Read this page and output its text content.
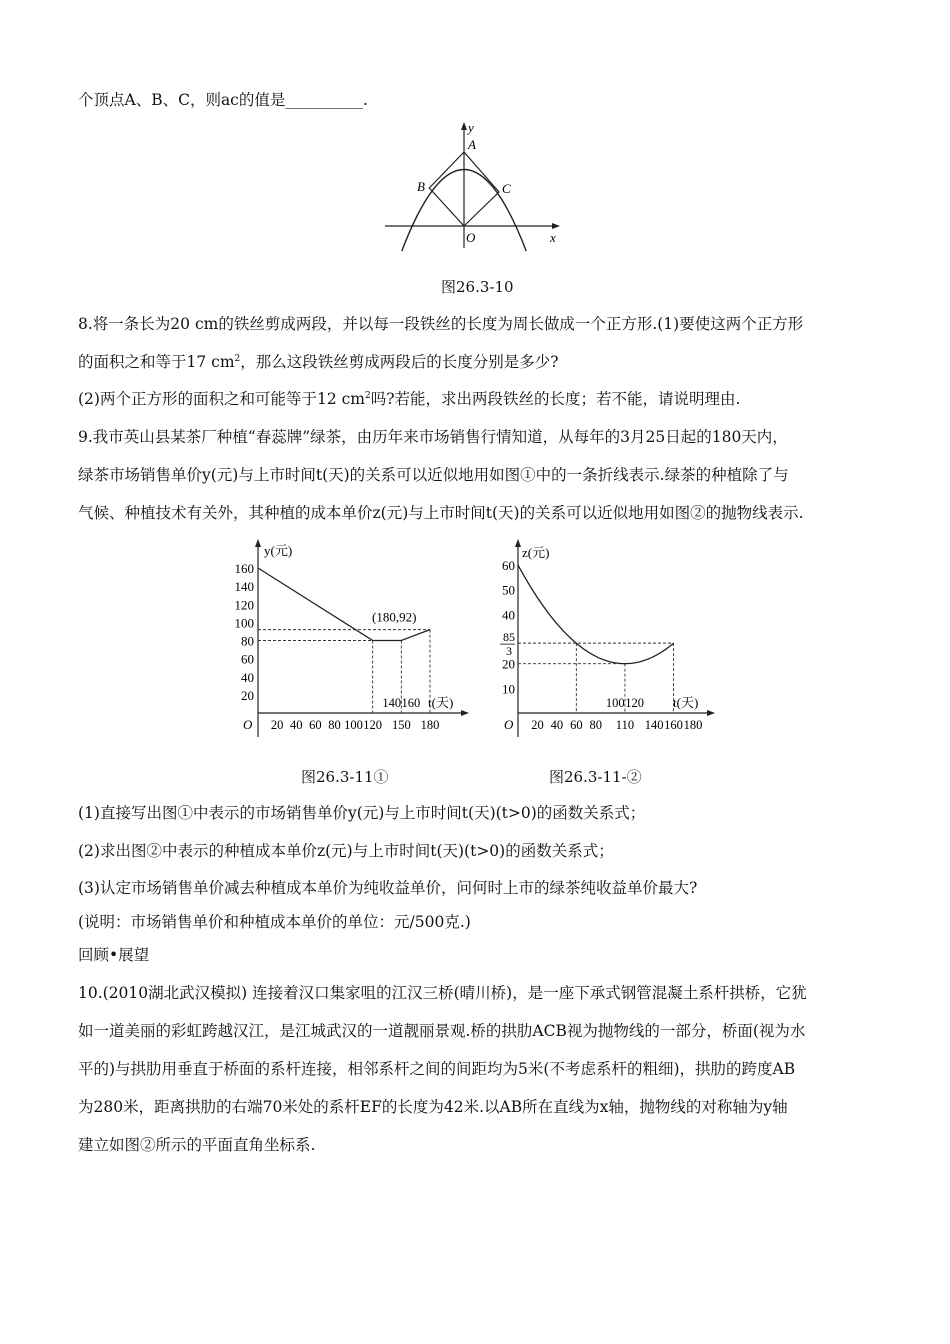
个顶点A、B、C，则ac的值是__________.
y
x
A
B	C
O
图26.3-10
8.将一条长为20 cm的铁丝剪成两段，并以每一段铁丝的长度为周长做成一个正方形.(1)要使这两个正方形
的面积之和等于17 $cm^2$，那么这段铁丝剪成两段后的长度分别是多少?
(2)两个正方形的面积之和可能等于12 $cm^2$吗?若能，求出两段铁丝的长度；若不能，请说明理由.
9.我市英山县某茶厂种植“春蕊牌”绿茶，由历年来市场销售行情知道，从每年的3月25日起的180天内，
绿茶市场销售单价y(元)与上市时间t(天)的关系可以近似地用如图①中的一条折线表示.绿茶的种植除了与
气候、种植技术有关外，其种植的成本单价z(元)与上市时间t(天)的关系可以近似地用如图②的抛物线表示.
y(元)
t(天)
O
160
140
120
100
80
60
40
20
20 40 60 80 100 120 150 180
140 160
(180,92)
图26.3-11①
z(元)
t(天)
O
60
50
40
20
10
85
3
20 40 60 80 110 140 160 180
100 120
图26.3-11-②
(1)直接写出图①中表示的市场销售单价y(元)与上市时间t(天)(t>0)的函数关系式；
(2)求出图②中表示的种植成本单价z(元)与上市时间t(天)(t>0)的函数关系式；
(3)认定市场销售单价减去种植成本单价为纯收益单价，问何时上市的绿茶纯收益单价最大?
(说明：市场销售单价和种植成本单价的单位：元/500克.)
回顾•展望
10.(2010湖北武汉模拟) 连接着汉口集家咀的江汉三桥(晴川桥)，是一座下承式钢管混凝土系杆拱桥，它犹
如一道美丽的彩虹跨越汉江，是江城武汉的一道靓丽景观.桥的拱肋ACB视为抛物线的一部分，桥面(视为水
平的)与拱肋用垂直于桥面的系杆连接，相邻系杆之间的间距均为5米(不考虑系杆的粗细)，拱肋的跨度AB
为280米，距离拱肋的右端70米处的系杆EF的长度为42米.以AB所在直线为x轴，抛物线的对称轴为y轴
建立如图②所示的平面直角坐标系.
